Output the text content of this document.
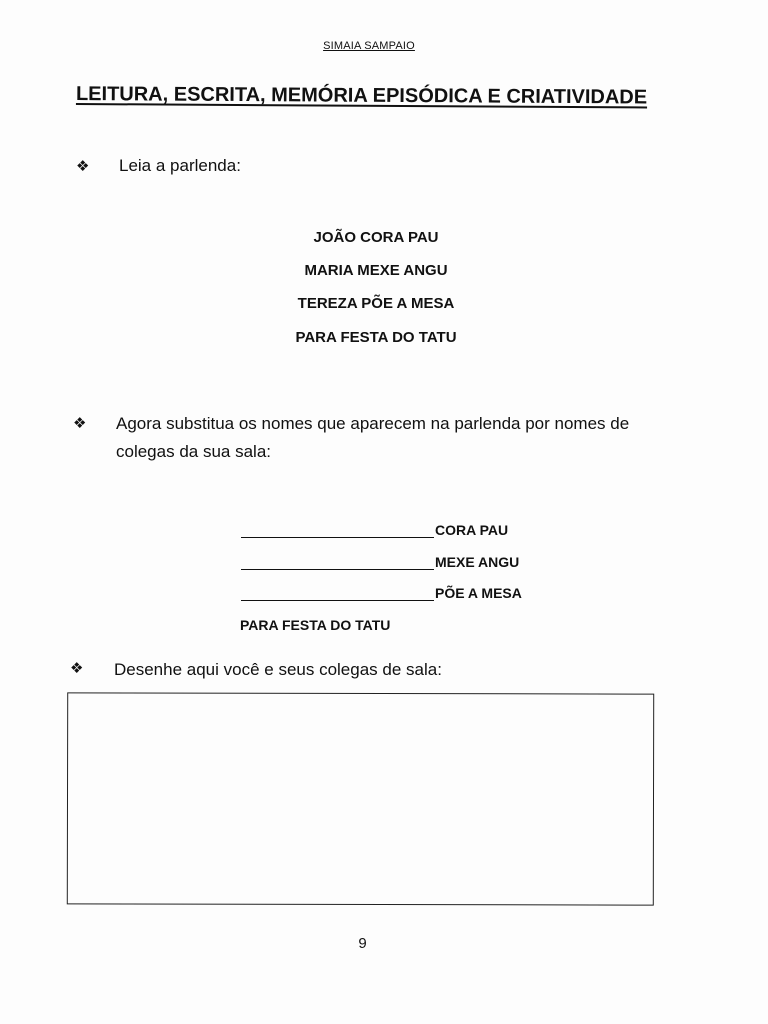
SIMAIA SAMPAIO
LEITURA, ESCRITA, MEMÓRIA EPISÓDICA E CRIATIVIDADE
❖ Leia a parlenda:
JOÃO CORA PAU
MARIA MEXE ANGU
TEREZA PÕE A MESA
PARA FESTA DO TATU
❖ Agora substitua os nomes que aparecem na parlenda por nomes de
colegas da sua sala:
CORA PAU
MEXE ANGU
PÕE A MESA
PARA FESTA DO TATU
❖ Desenhe aqui você e seus colegas de sala:
9
